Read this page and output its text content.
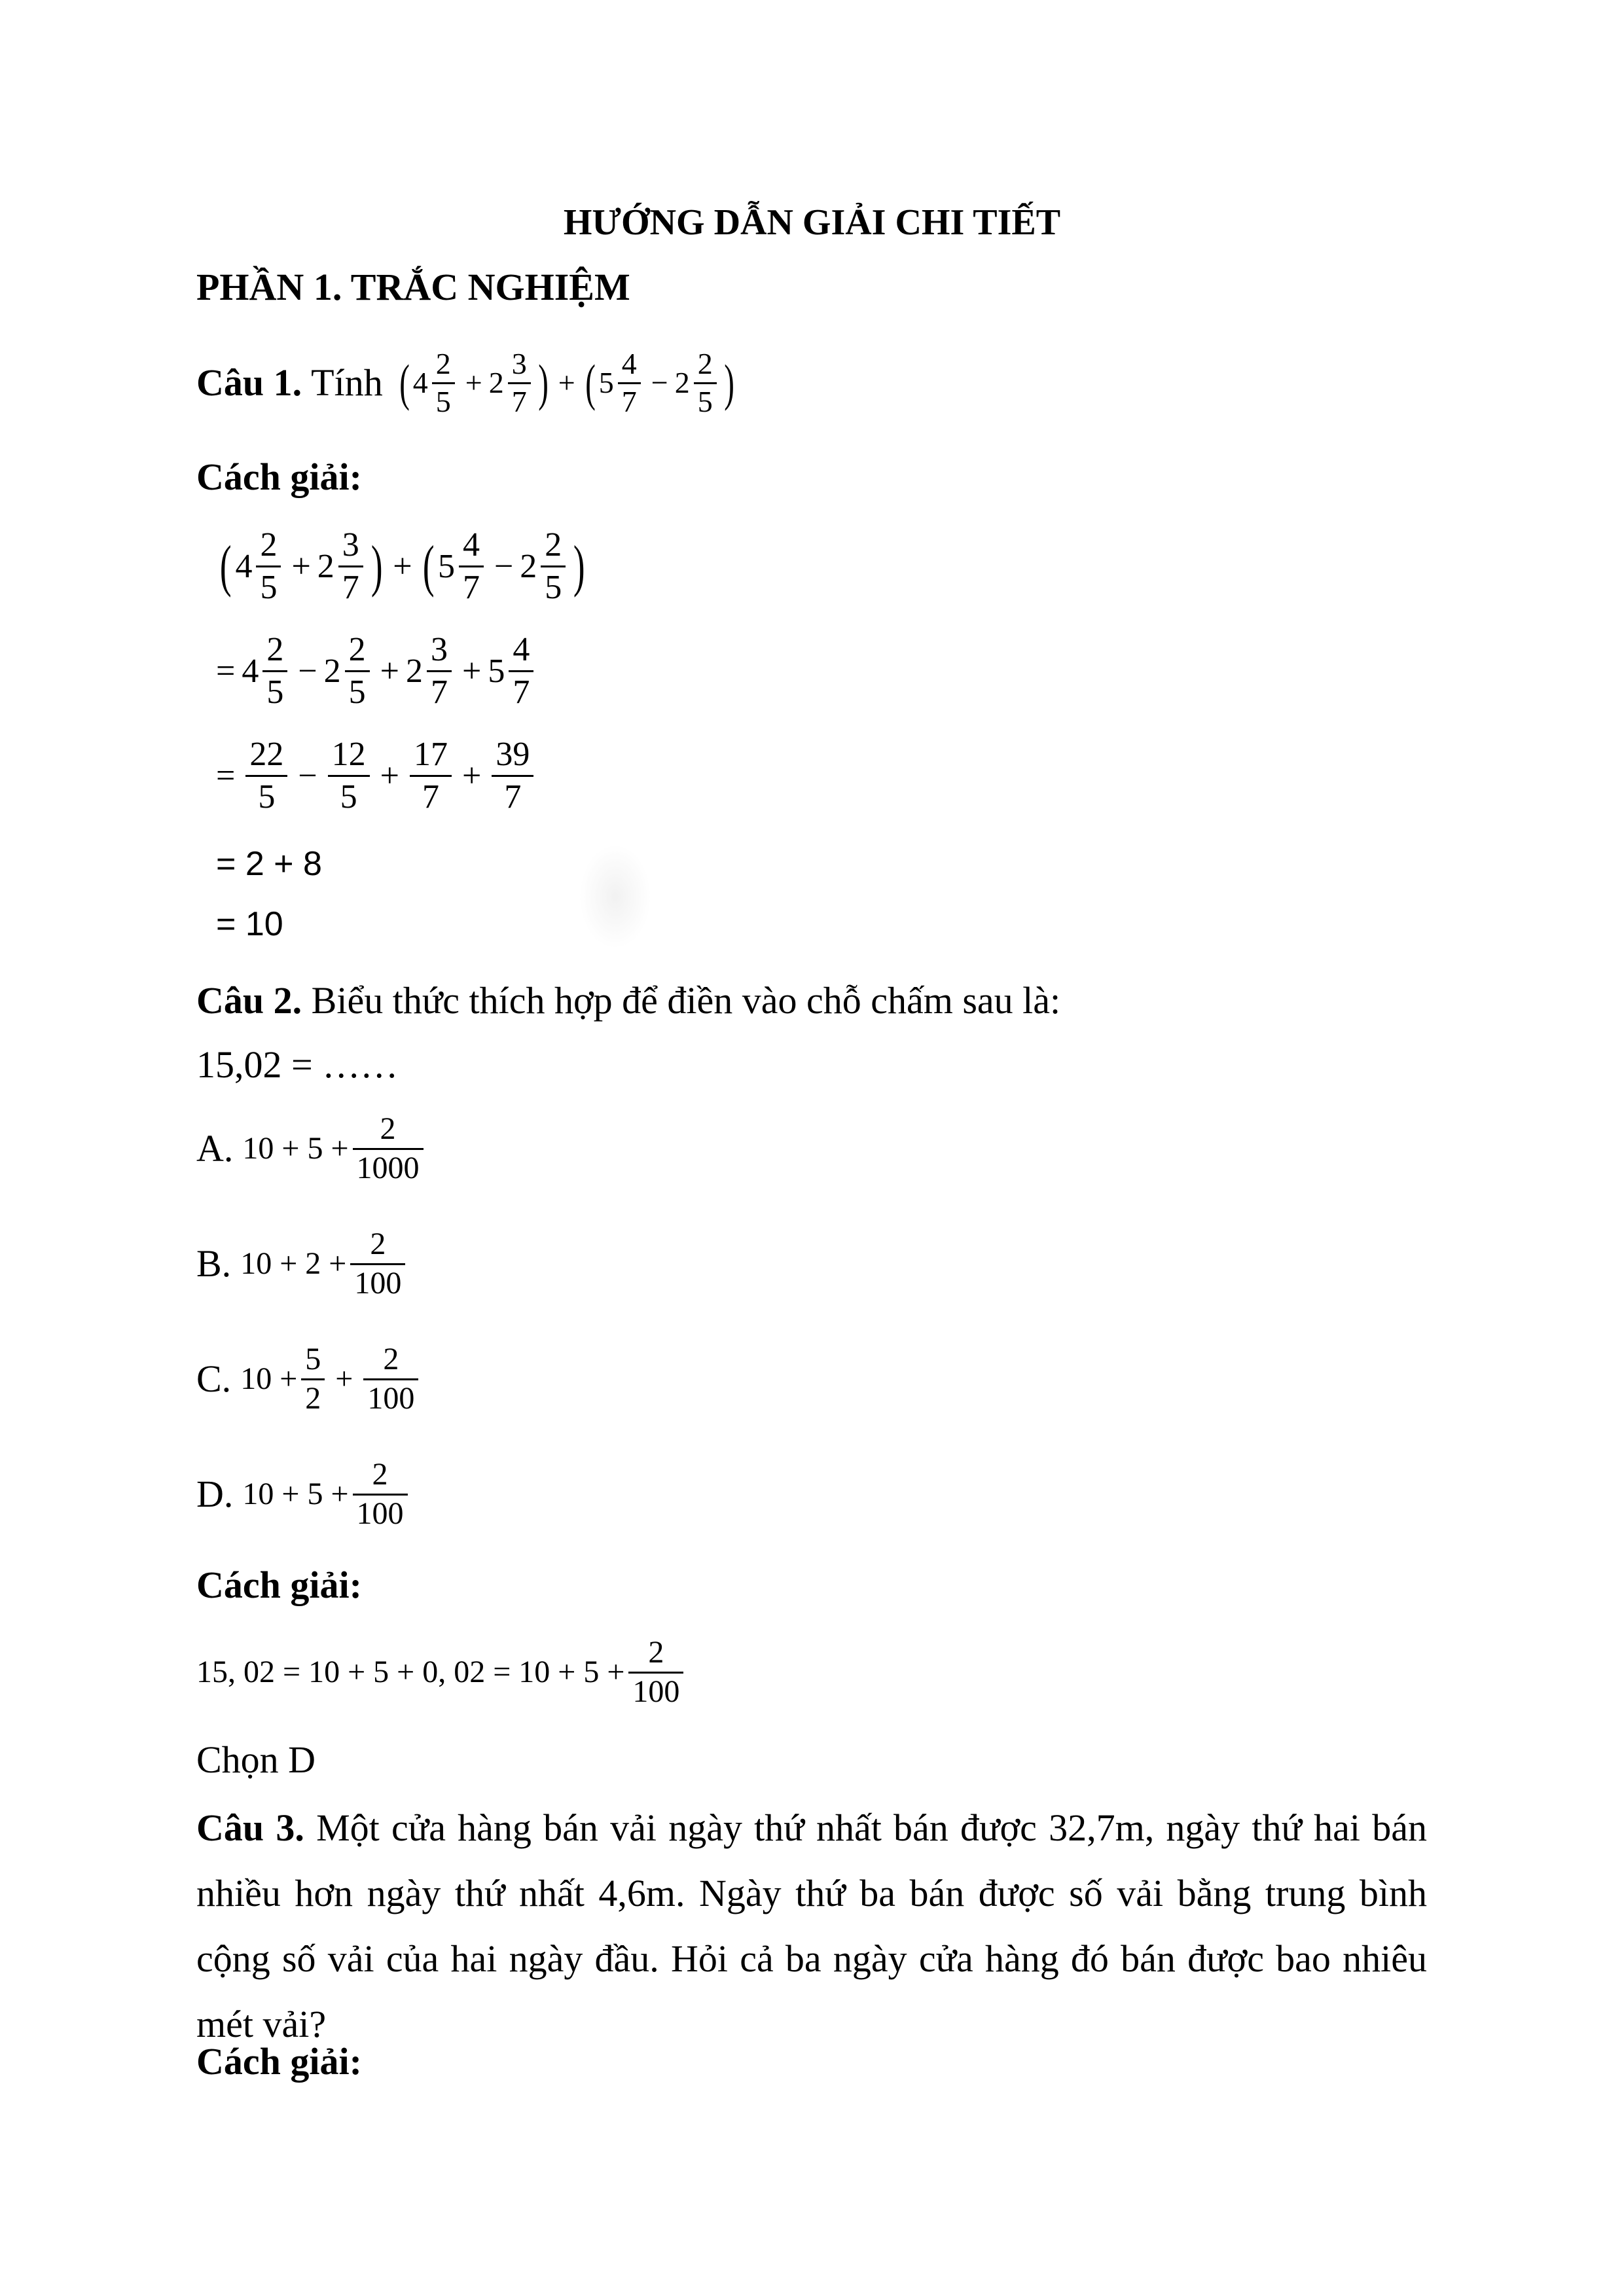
HƯỚNG DẪN GIẢI CHI TIẾT
PHẦN 1. TRẮC NGHIỆM
Câu 1. Tính ( $4 \frac{2}{5} + 2 \frac{3}{7}$ ) + ( $5 \frac{4}{7} - 2 \frac{2}{5}$ )
Cách giải:
( $4 \frac{2}{5} + 2 \frac{3}{7}$ ) + ( $5 \frac{4}{7} - 2 \frac{2}{5}$ )
= $4 \frac{2}{5} - 2 \frac{2}{5} + 2 \frac{3}{7} + 5 \frac{4}{7}$
= $\frac{22}{5} - \frac{12}{5} + \frac{17}{7} + \frac{39}{7}$
= 2 + 8
= 10
Câu 2. Biểu thức thích hợp để điền vào chỗ chấm sau là:
15,02 = ……
A. $10 + 5 + \frac{2}{1000}$
B. $10 + 2 + \frac{2}{100}$
C. $10 + \frac{5}{2} + \frac{2}{100}$
D. $10 + 5 + \frac{2}{100}$
Cách giải:
15, 02 = 10 + 5 + 0, $02 = 10 + 5 + \frac{2}{100}$
Chọn D
Câu 3. Một cửa hàng bán vải ngày thứ nhất bán được 32,7m, ngày thứ hai bán nhiều hơn ngày thứ nhất 4,6m. Ngày thứ ba bán được số vải bằng trung bình cộng số vải của hai ngày đầu. Hỏi cả ba ngày cửa hàng đó bán được bao nhiêu mét vải?
Cách giải:
